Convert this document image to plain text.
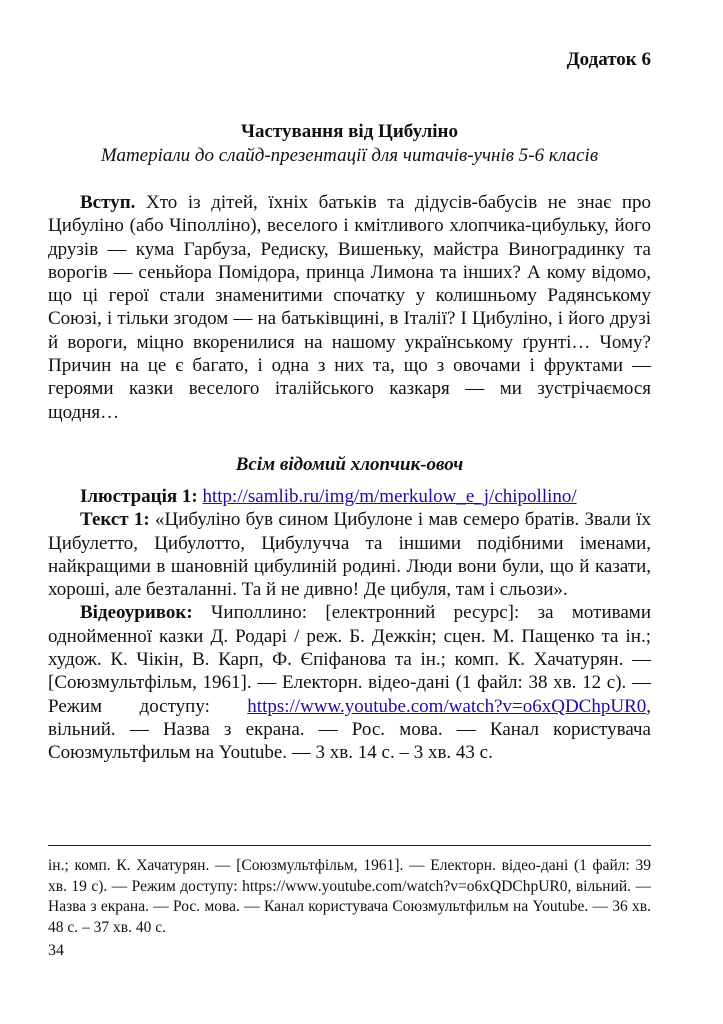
Додаток 6
Частування від Цибуліно
Матеріали до слайд-презентації для читачів-учнів 5-6 класів

Вступ. Хто із дітей, їхніх батьків та дідусів-бабусів не знає про Цибуліно (або Чіполліно), веселого і кмітливого хлопчика-цибульку, його друзів — кума Гарбуза, Редиску, Вишеньку, майстра Виноградинку та ворогів — сеньйора Помідора, принца Лимона та інших? А кому відомо, що ці герої стали знаменитими спочатку у колишньому Радянському Союзі, і тільки згодом — на батьківщині, в Італії? І Цибуліно, і його друзі й вороги, міцно вкоренилися на нашому українському ґрунті… Чому? Причин на це є багато, і одна з них та, що з овочами і фруктами — героями казки веселого італійського казкаря — ми зустрічаємося щодня…

Всім відомий хлопчик-овоч

Ілюстрація 1: http://samlib.ru/img/m/merkulow_e_j/chipollino/

Текст 1: «Цибуліно був сином Цибулоне і мав семеро братів. Звали їх Цибулетто, Цибулотто, Цибулучча та іншими подібними іменами, найкращими в шановній цибулиній родині. Люди вони були, що й казати, хороші, але безталанні. Та й не дивно! Де цибуля, там і сльози».

Відеоуривок: Чиполлино: [електронний ресурс]: за мотивами однойменної казки Д. Родарі / реж. Б. Дежкін; сцен. М. Пащенко та ін.; худож. К. Чікін, В. Карп, Ф. Єпіфанова та ін.; комп. К. Хачатурян. — [Союзмультфільм, 1961]. — Електорн. відео-дані (1 файл: 38 хв. 12 с). — Режим доступу: https://www.youtube.com/watch?v=o6xQDChpUR0, вільний. — Назва з екрана. — Рос. мова. — Канал користувача Союзмультфильм на Youtube. — 3 хв. 14 с. – 3 хв. 43 с.

ін.; комп. К. Хачатурян. — [Союзмультфільм, 1961]. — Електорн. відео-дані (1 файл: 39 хв. 19 с). — Режим доступу: https://www.youtube.com/watch?v=o6xQDChpUR0, вільний. — Назва з екрана. — Рос. мова. — Канал користувача Союзмультфильм на Youtube. — 36 хв. 48 с. – 37 хв. 40 с.

34
